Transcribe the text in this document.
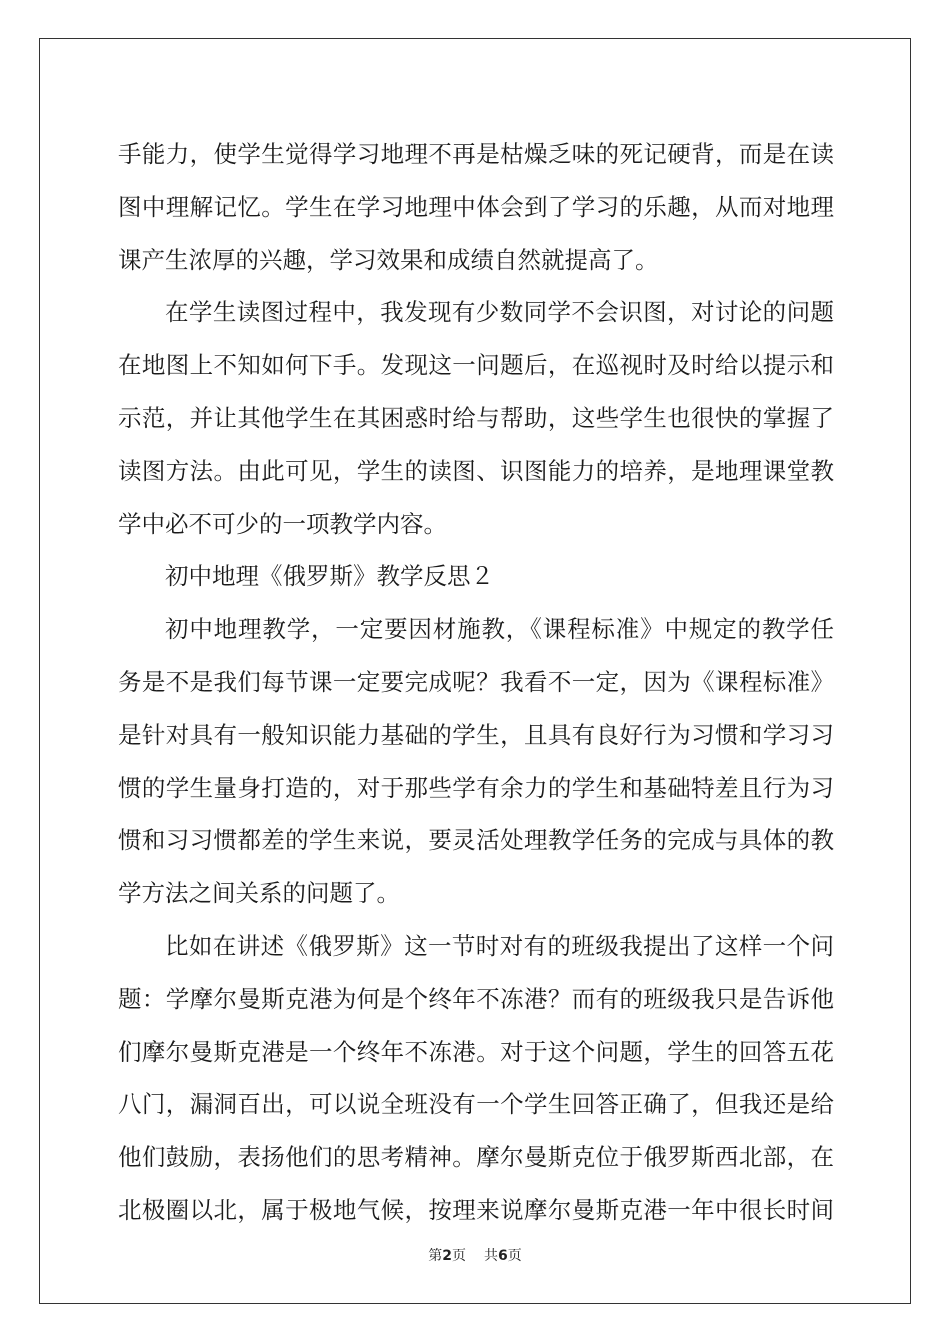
手能力，使学生觉得学习地理不再是枯燥乏味的死记硬背，而是在读
图中理解记忆。学生在学习地理中体会到了学习的乐趣，从而对地理
课产生浓厚的兴趣，学习效果和成绩自然就提高了。
在学生读图过程中，我发现有少数同学不会识图，对讨论的问题
在地图上不知如何下手。发现这一问题后，在巡视时及时给以提示和
示范，并让其他学生在其困惑时给与帮助，这些学生也很快的掌握了
读图方法。由此可见，学生的读图、识图能力的培养，是地理课堂教
学中必不可少的一项教学内容。
初中地理《俄罗斯》教学反思２
初中地理教学，一定要因材施教，《课程标准》中规定的教学任
务是不是我们每节课一定要完成呢？我看不一定，因为《课程标准》
是针对具有一般知识能力基础的学生，且具有良好行为习惯和学习习
惯的学生量身打造的，对于那些学有余力的学生和基础特差且行为习
惯和习习惯都差的学生来说，要灵活处理教学任务的完成与具体的教
学方法之间关系的问题了。
比如在讲述《俄罗斯》这一节时对有的班级我提出了这样一个问
题：学摩尔曼斯克港为何是个终年不冻港？而有的班级我只是告诉他
们摩尔曼斯克港是一个终年不冻港。对于这个问题，学生的回答五花
八门，漏洞百出，可以说全班没有一个学生回答正确了，但我还是给
他们鼓励，表扬他们的思考精神。摩尔曼斯克位于俄罗斯西北部，在
北极圈以北，属于极地气候，按理来说摩尔曼斯克港一年中很长时间
第2页 共6页
